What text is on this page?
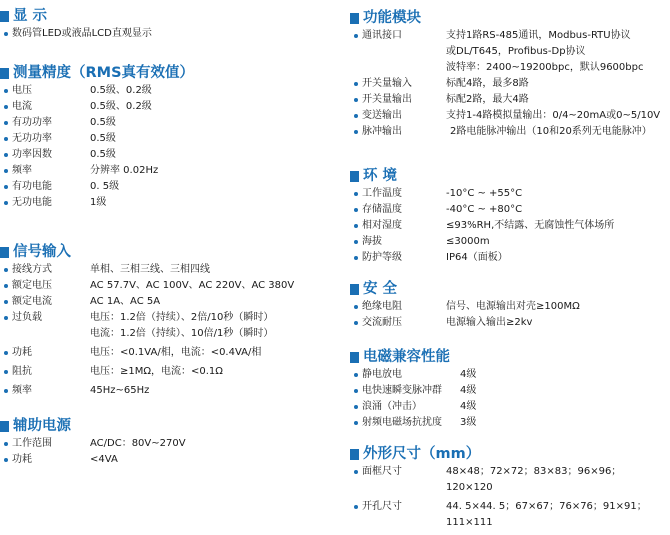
显 示
数码管LED或液晶LCD直观显示
测量精度（RMS真有效值）
电压	0.5级、0.2级
电流	0.5级、0.2级
有功功率	0.5级
无功功率	0.5级
功率因数	0.5级
频率	分辨率 0.02Hz
有功电能	0. 5级
无功电能	1级
信号输入
接线方式	单相、三相三线、三相四线
额定电压	AC 57.7V、AC 100V、AC 220V、AC 380V
额定电流	AC 1A、AC 5A
过负载	电压：1.2倍（持续）、2倍/10秒（瞬时）
电流：1.2倍（持续）、10倍/1秒（瞬时）
功耗	电压：<0.1VA/相，电流：<0.4VA/相
阻抗	电压：≥1MΩ，电流：<0.1Ω
频率	45Hz~65Hz
辅助电源
工作范围	AC/DC：80V~270V
功耗	<4VA
功能模块
通讯接口	支持1路RS-485通讯，Modbus-RTU协议
或DL/T645，Profibus-Dp协议
波特率：2400~19200bpc，默认9600bpc
开关量输入	标配4路，最多8路
开关量输出	标配2路，最大4路
变送输出	支持1-4路模拟量输出：0/4~20mA或0~5/10V
脉冲输出	2路电能脉冲输出（10和20系列无电能脉冲）
环 境
工作温度	-10°C ~ +55°C
存储温度	-40°C ~ +80°C
相对湿度	≤93%RH,不结露、无腐蚀性气体场所
海拔	≤3000m
防护等级	IP64（面板）
安 全
绝缘电阻	信号、电源输出对壳≥100MΩ
交流耐压	电源输入输出≥2kv
电磁兼容性能
静电放电	4级
电快速瞬变脉冲群 4级
浪涌（冲击）	4级
射频电磁场抗扰度 3级
外形尺寸（mm）
面框尺寸	48×48；72×72；83×83；96×96；
120×120
开孔尺寸	44. 5×44. 5；67×67；76×76；91×91；
111×111
